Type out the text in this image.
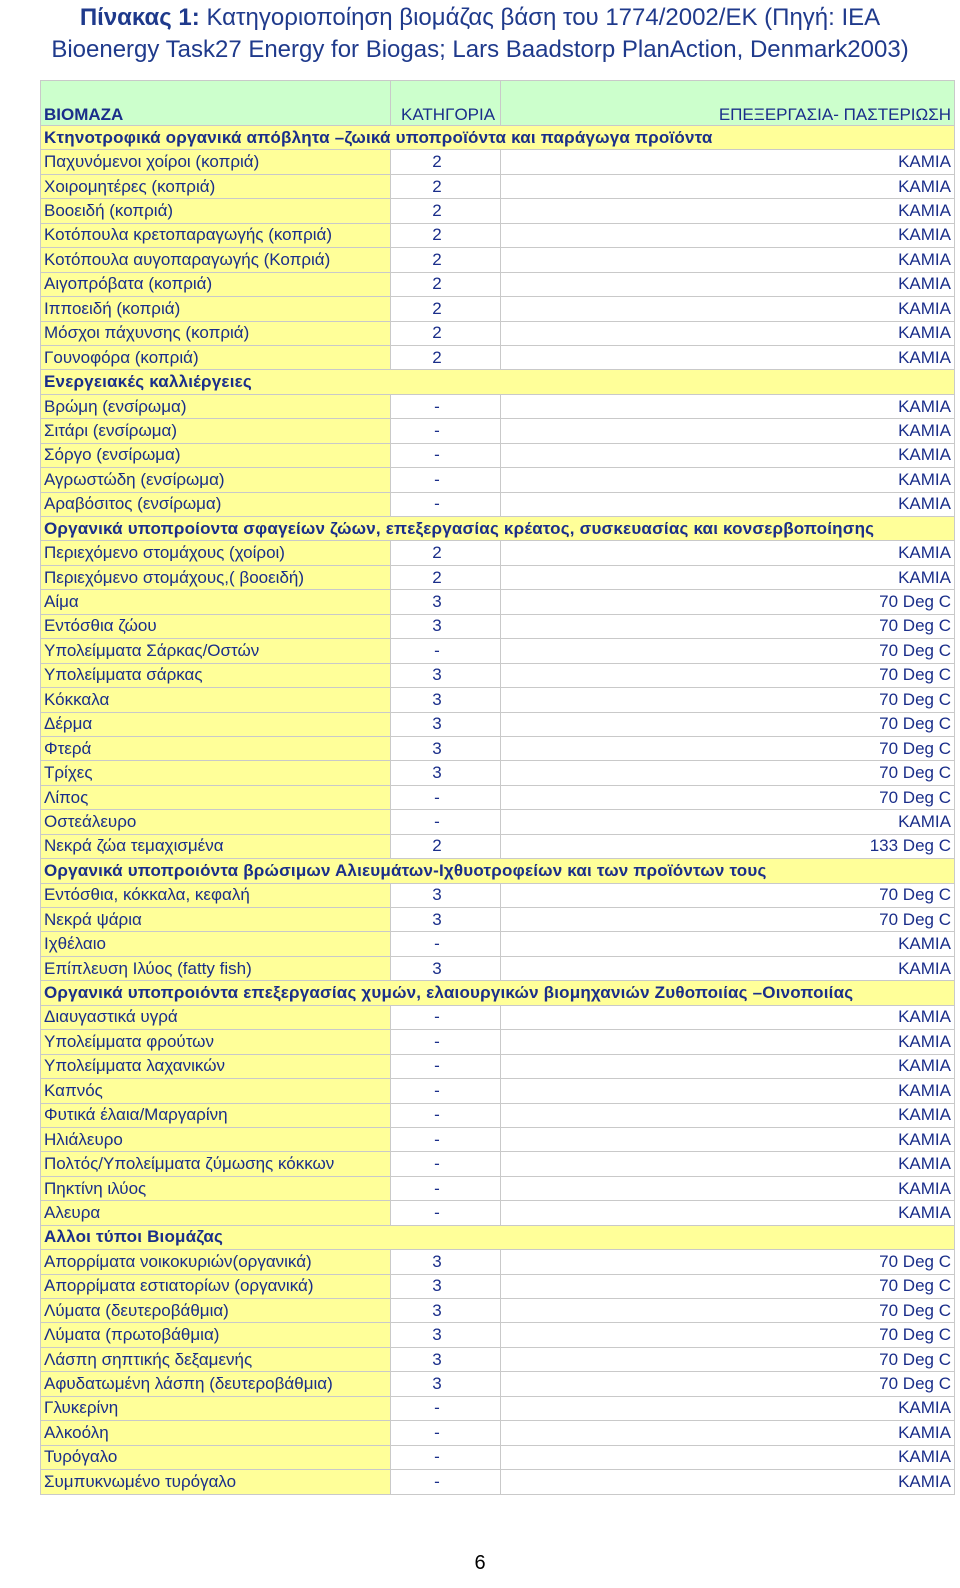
Πίνακας 1: Κατηγοριοποίηση βιομάζας βάση του 1774/2002/ΕΚ (Πηγή: IEA
Bioenergy Task27 Energy for Biogas; Lars Baadstorp PlanAction, Denmark2003)
ΒΙΟΜΑΖΑ	ΚΑΤΗΓΟΡΙΑ	ΕΠΕΞΕΡΓΑΣΙΑ- ΠΑΣΤΕΡΙΩΣΗ
Κτηνοτροφικά οργανικά απόβλητα –ζωικά υποπροϊόντα και παράγωγα προϊόντα		
Παχυνόμενοι χοίροι (κοπριά)	2	ΚΑΜΙΑ
Χοιρομητέρες (κοπριά)	2	ΚΑΜΙΑ
Βοοειδή (κοπριά)	2	ΚΑΜΙΑ
Κοτόπουλα κρετοπαραγωγής (κοπριά)	2	ΚΑΜΙΑ
Κοτόπουλα αυγοπαραγωγής (Κοπριά)	2	ΚΑΜΙΑ
Αιγοπρόβατα (κοπριά)	2	ΚΑΜΙΑ
Ιπποειδή (κοπριά)	2	ΚΑΜΙΑ
Μόσχοι πάχυνσης (κοπριά)	2	ΚΑΜΙΑ
Γουνοφόρα (κοπριά)	2	ΚΑΜΙΑ
Ενεργειακές καλλιέργειες		
Βρώμη (ενσίρωμα)	-	ΚΑΜΙΑ
Σιτάρι (ενσίρωμα)	-	ΚΑΜΙΑ
Σόργο (ενσίρωμα)	-	ΚΑΜΙΑ
Αγρωστώδη (ενσίρωμα)	-	ΚΑΜΙΑ
Αραβόσιτος (ενσίρωμα)	-	ΚΑΜΙΑ
Οργανικά υποπροίοντα σφαγείων ζώων, επεξεργασίας κρέατος, συσκευασίας και κονσερβοποίησης		
Περιεχόμενο στομάχους (χοίροι)	2	ΚΑΜΙΑ
Περιεχόμενο στομάχους,( βοοειδή)	2	ΚΑΜΙΑ
Αίμα	3	70 Deg C
Εντόσθια ζώου	3	70 Deg C
Υπολείμματα Σάρκας/Οστών	-	70 Deg C
Υπολείμματα σάρκας	3	70 Deg C
Κόκκαλα	3	70 Deg C
Δέρμα	3	70 Deg C
Φτερά	3	70 Deg C
Τρίχες	3	70 Deg C
Λίπος	-	70 Deg C
Οστεάλευρο	-	ΚΑΜΙΑ
Νεκρά ζώα τεμαχισμένα	2	133 Deg C
Οργανικά υποπροιόντα βρώσιμων Αλιευμάτων-Ιχθυοτροφείων και των προϊόντων τους		
Εντόσθια, κόκκαλα, κεφαλή	3	70 Deg C
Νεκρά ψάρια	3	70 Deg C
Ιχθέλαιο	-	ΚΑΜΙΑ
Επίπλευση Ιλύος (fatty fish)	3	ΚΑΜΙΑ
Οργανικά υποπροιόντα επεξεργασίας χυμών, ελαιουργικών βιομηχανιών Ζυθοποιίας –Οινοποιίας		
Διαυγαστικά υγρά	-	ΚΑΜΙΑ
Υπολείμματα φρούτων	-	ΚΑΜΙΑ
Υπολείμματα λαχανικών	-	ΚΑΜΙΑ
Καπνός	-	ΚΑΜΙΑ
Φυτικά έλαια/Μαργαρίνη	-	ΚΑΜΙΑ
Ηλιάλευρο	-	ΚΑΜΙΑ
Πολτός/Υπολείμματα ζύμωσης κόκκων	-	ΚΑΜΙΑ
Πηκτίνη ιλύος	-	ΚΑΜΙΑ
Αλευρα	-	ΚΑΜΙΑ
Αλλοι τύποι Βιομάζας		
Απορρίματα νοικοκυριών(οργανικά)	3	70 Deg C
Απορρίματα εστιατορίων (οργανικά)	3	70 Deg C
Λύματα (δευτεροβάθμια)	3	70 Deg C
Λύματα (πρωτοβάθμια)	3	70 Deg C
Λάσπη σηπτικής δεξαμενής	3	70 Deg C
Αφυδατωμένη λάσπη (δευτεροβάθμια)	3	70 Deg C
Γλυκερίνη	-	ΚΑΜΙΑ
Αλκοόλη	-	ΚΑΜΙΑ
Τυρόγαλο	-	ΚΑΜΙΑ
Συμπυκνωμένο τυρόγαλο	-	ΚΑΜΙΑ
6
